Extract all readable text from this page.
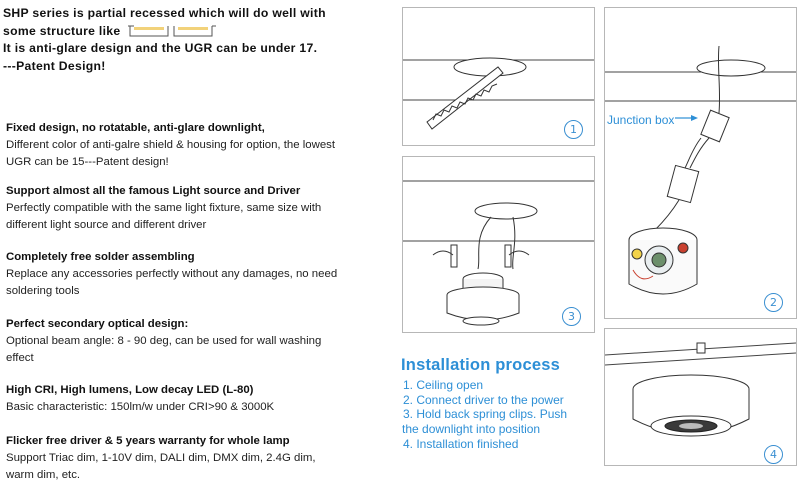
SHP series is partial recessed which will do well with
some structure like
It is anti-glare design and the UGR can be under 17.
---Patent Design!
Fixed design, no rotatable, anti-glare downlight,
Different color of anti-galre shield & housing for option, the lowest
UGR can be 15---Patent design!
Support almost all the famous Light source and Driver
Perfectly compatible with the same light fixture, same size with
different light source and different driver
Completely free solder assembling
Replace any accessories perfectly without any damages, no need
soldering tools
Perfect secondary optical design:
Optional beam angle: 8 - 90 deg, can be used for wall washing
effect
High CRI, High lumens, Low decay LED (L-80)
Basic characteristic: 150lm/w under CRI>90 & 3000K
Flicker free driver & 5 years warranty for whole lamp
Support Triac dim, 1-10V dim, DALI dim, DMX dim, 2.4G dim,
warm dim, etc.
1
3
2
Junction box
4
Installation process
1. Ceiling open
2. Connect driver to the power
3. Hold back spring clips. Push
the downlight into position
4. Installation finished
